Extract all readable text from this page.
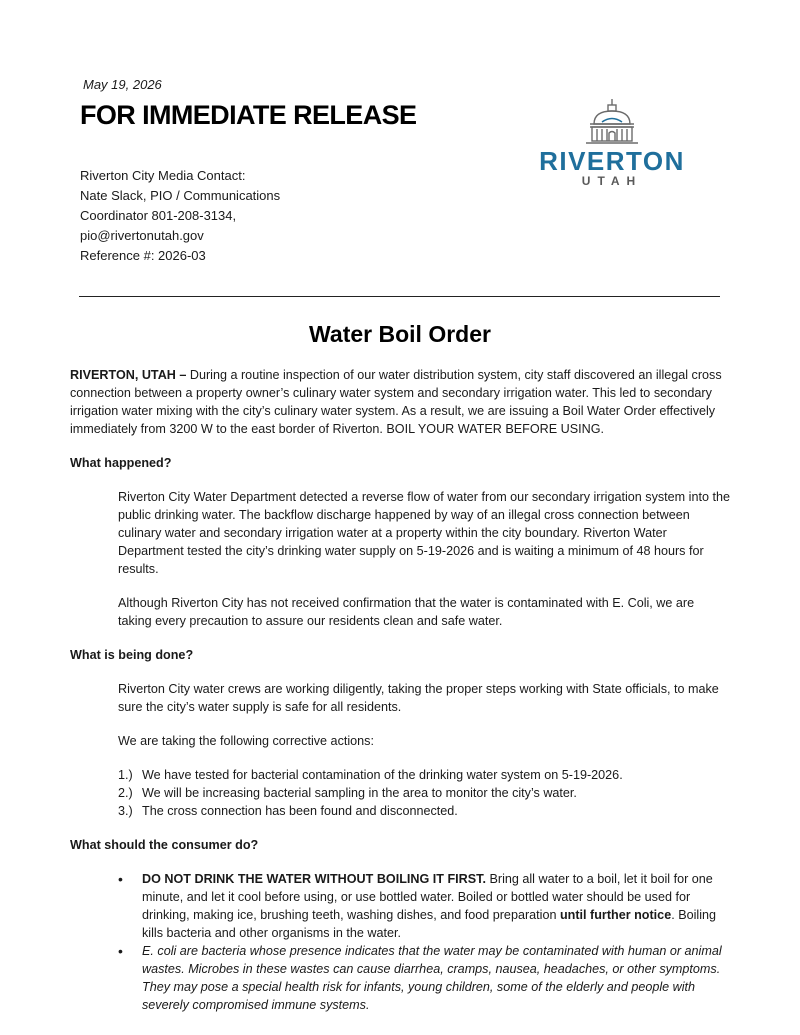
May 19, 2026
FOR IMMEDIATE RELEASE
Riverton City Media Contact:
Nate Slack, PIO / Communications
Coordinator 801-208-3134,
pio@rivertonutah.gov
Reference #: 2026-03
RIVERTON
UTAH
Water Boil Order

RIVERTON, UTAH – During a routine inspection of our water distribution system, city staff discovered an illegal cross connection between a property owner’s culinary water system and secondary irrigation water. This led to secondary irrigation water mixing with the city’s culinary water system. As a result, we are issuing a Boil Water Order effectively immediately from 3200 W to the east border of Riverton. BOIL YOUR WATER BEFORE USING.

What happened?

Riverton City Water Department detected a reverse flow of water from our secondary irrigation system into the public drinking water. The backflow discharge happened by way of an illegal cross connection between culinary water and secondary irrigation water at a property within the city boundary. Riverton Water Department tested the city’s drinking water supply on 5-19-2026 and is waiting a minimum of 48 hours for results.

Although Riverton City has not received confirmation that the water is contaminated with E. Coli, we are taking every precaution to assure our residents clean and safe water.

What is being done?

Riverton City water crews are working diligently, taking the proper steps working with State officials, to make sure the city’s water supply is safe for all residents.

We are taking the following corrective actions:

1.) We have tested for bacterial contamination of the drinking water system on 5-19-2026.
2.) We will be increasing bacterial sampling in the area to monitor the city’s water.
3.) The cross connection has been found and disconnected.

What should the consumer do?

•	DO NOT DRINK THE WATER WITHOUT BOILING IT FIRST. Bring all water to a boil, let it boil for one minute, and let it cool before using, or use bottled water. Boiled or bottled water should be used for drinking, making ice, brushing teeth, washing dishes, and food preparation until further notice. Boiling kills bacteria and other organisms in the water.
•	E. coli are bacteria whose presence indicates that the water may be contaminated with human or animal wastes. Microbes in these wastes can cause diarrhea, cramps, nausea, headaches, or other symptoms. They may pose a special health risk for infants, young children, some of the elderly and people with severely compromised immune systems.
